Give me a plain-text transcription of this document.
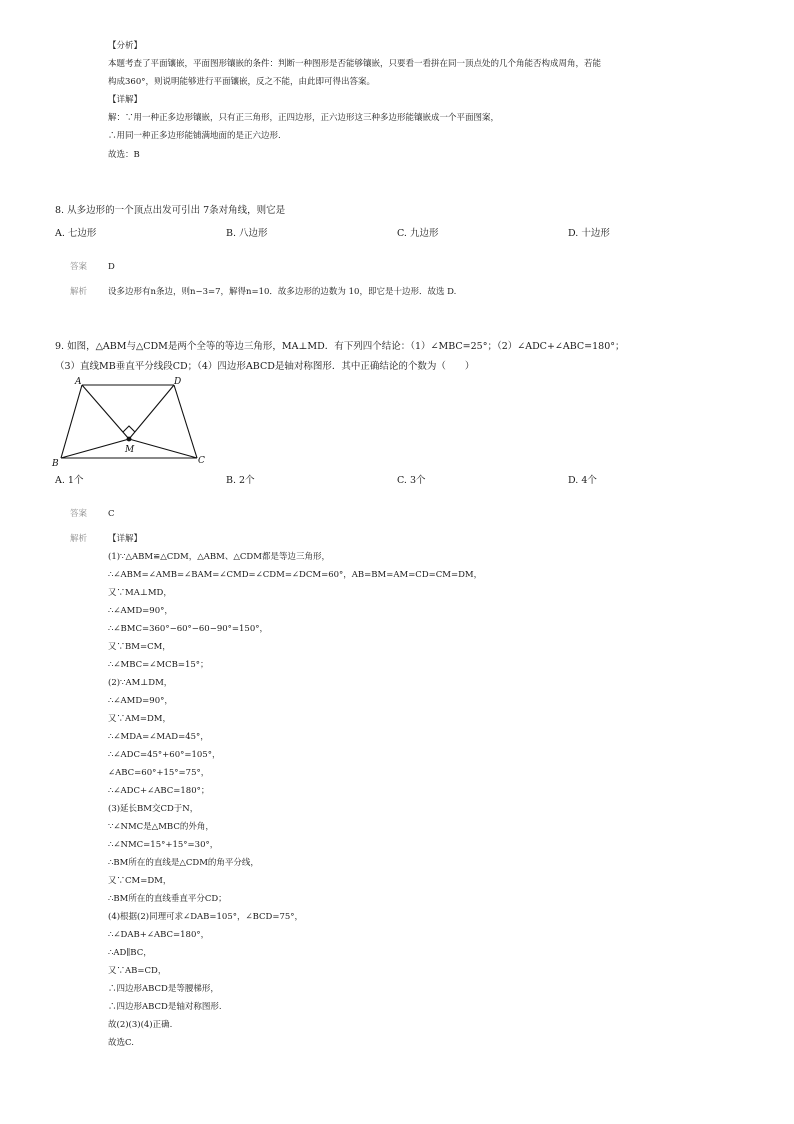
【分析】
本题考查了平面镶嵌，平面图形镶嵌的条件：判断一种图形是否能够镶嵌，只要看一看拼在同一顶点处的几个角能否构成周角，若能
构成360°，则说明能够进行平面镶嵌，反之不能，由此即可得出答案。
【详解】
解：∵用一种正多边形镶嵌，只有正三角形，正四边形，正六边形这三种多边形能镶嵌成一个平面图案，
∴用同一种正多边形能铺满地面的是正六边形.
故选：B
8. 从多边形的一个顶点出发可引出 7条对角线，则它是
A. 七边形	B. 八边形	C. 九边形	D. 十边形
答案 D
解析 设多边形有n条边，则n−3=7，解得n=10．故多边形的边数为 10，即它是十边形．故选 D.
9. 如图，△ABM与△CDM是两个全等的等边三角形，MA⊥MD．有下列四个结论：（1）∠MBC=25°；（2）∠ADC+∠ABC=180°；
（3）直线MB垂直平分线段CD；（4）四边形ABCD是轴对称图形．其中正确结论的个数为（　　）
A	D
M
B	C
A. 1个	B. 2个	C. 3个	D. 4个
答案 C
解析 【详解】
(1)∵△ABM≌△CDM，△ABM、△CDM都是等边三角形，
∴∠ABM=∠AMB=∠BAM=∠CMD=∠CDM=∠DCM=60°，AB=BM=AM=CD=CM=DM，
又∵MA⊥MD，
∴∠AMD=90°，
∴∠BMC=360°−60°−60−90°=150°，
又∵BM=CM，
∴∠MBC=∠MCB=15°；
(2)∵AM⊥DM，
∴∠AMD=90°，
又∵AM=DM，
∴∠MDA=∠MAD=45°，
∴∠ADC=45°+60°=105°，
∠ABC=60°+15°=75°，
∴∠ADC+∠ABC=180°；
(3)延长BM交CD于N，
∵∠NMC是△MBC的外角，
∴∠NMC=15°+15°=30°，
∴BM所在的直线是△CDM的角平分线，
又∵CM=DM，
∴BM所在的直线垂直平分CD；
(4)根据(2)同理可求∠DAB=105°，∠BCD=75°，
∴∠DAB+∠ABC=180°，
∴AD∥BC，
又∵AB=CD，
∴四边形ABCD是等腰梯形，
∴四边形ABCD是轴对称图形.
故(2)(3)(4)正确.
故选C.
